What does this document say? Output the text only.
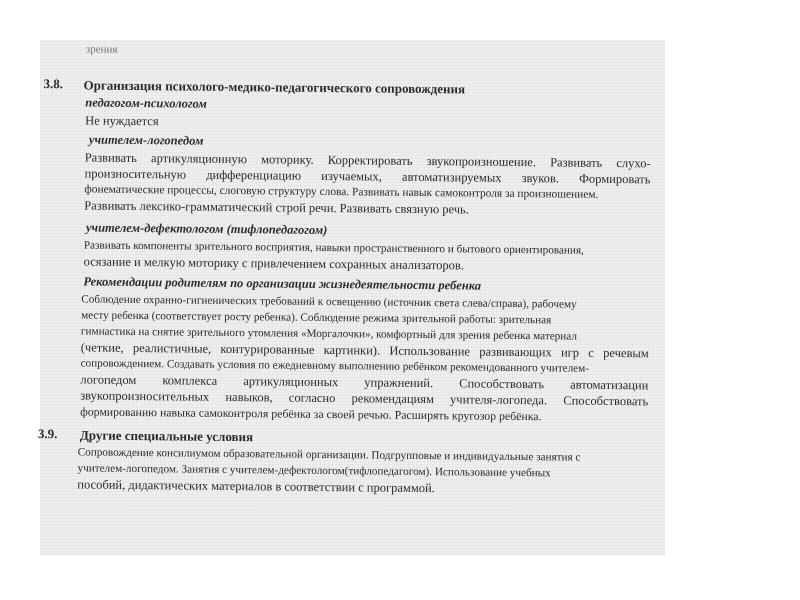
зрения
3.8. Организация психолого-медико-педагогического сопровождения
педагогом-психологом
Не нуждается
учителем-логопедом
Развивать артикуляционную моторику. Корректировать звукопроизношение. Развивать слухо-
произносительную дифференциацию изучаемых, автоматизируемых звуков. Формировать
фонематические процессы, слоговую структуру слова. Развивать навык самоконтроля за произношением.
Развивать лексико-грамматический строй речи. Развивать связную речь.
учителем-дефектологом (тифлопедагогом)
Развивать компоненты зрительного восприятия, навыки пространственного и бытового ориентирования,
осязание и мелкую моторику с привлечением сохранных анализаторов.
Рекомендации родителям по организации жизнедеятельности ребенка
Соблюдение охранно-гигиенических требований к освещению (источник света слева/справа), рабочему
месту ребенка (соответствует росту ребенка). Соблюдение режима зрительной работы: зрительная
гимнастика на снятие зрительного утомления «Моргалочки», комфортный для зрения ребенка материал
(четкие, реалистичные, контурированные картинки). Использование развивающих игр с речевым
сопровождением. Создавать условия по ежедневному выполнению ребёнком рекомендованного учителем-
логопедом комплекса артикуляционных упражнений. Способствовать автоматизации
звукопроизносительных навыков, согласно рекомендациям учителя-логопеда. Способствовать
формированию навыка самоконтроля ребёнка за своей речью. Расширять кругозор ребёнка.
3.9. Другие специальные условия
Сопровождение консилиумом образовательной организации. Подгрупповые и индивидуальные занятия с
учителем-логопедом. Занятия с учителем-дефектологом(тифлопедагогом). Использование учебных
пособий, дидактических материалов в соответствии с программой.
